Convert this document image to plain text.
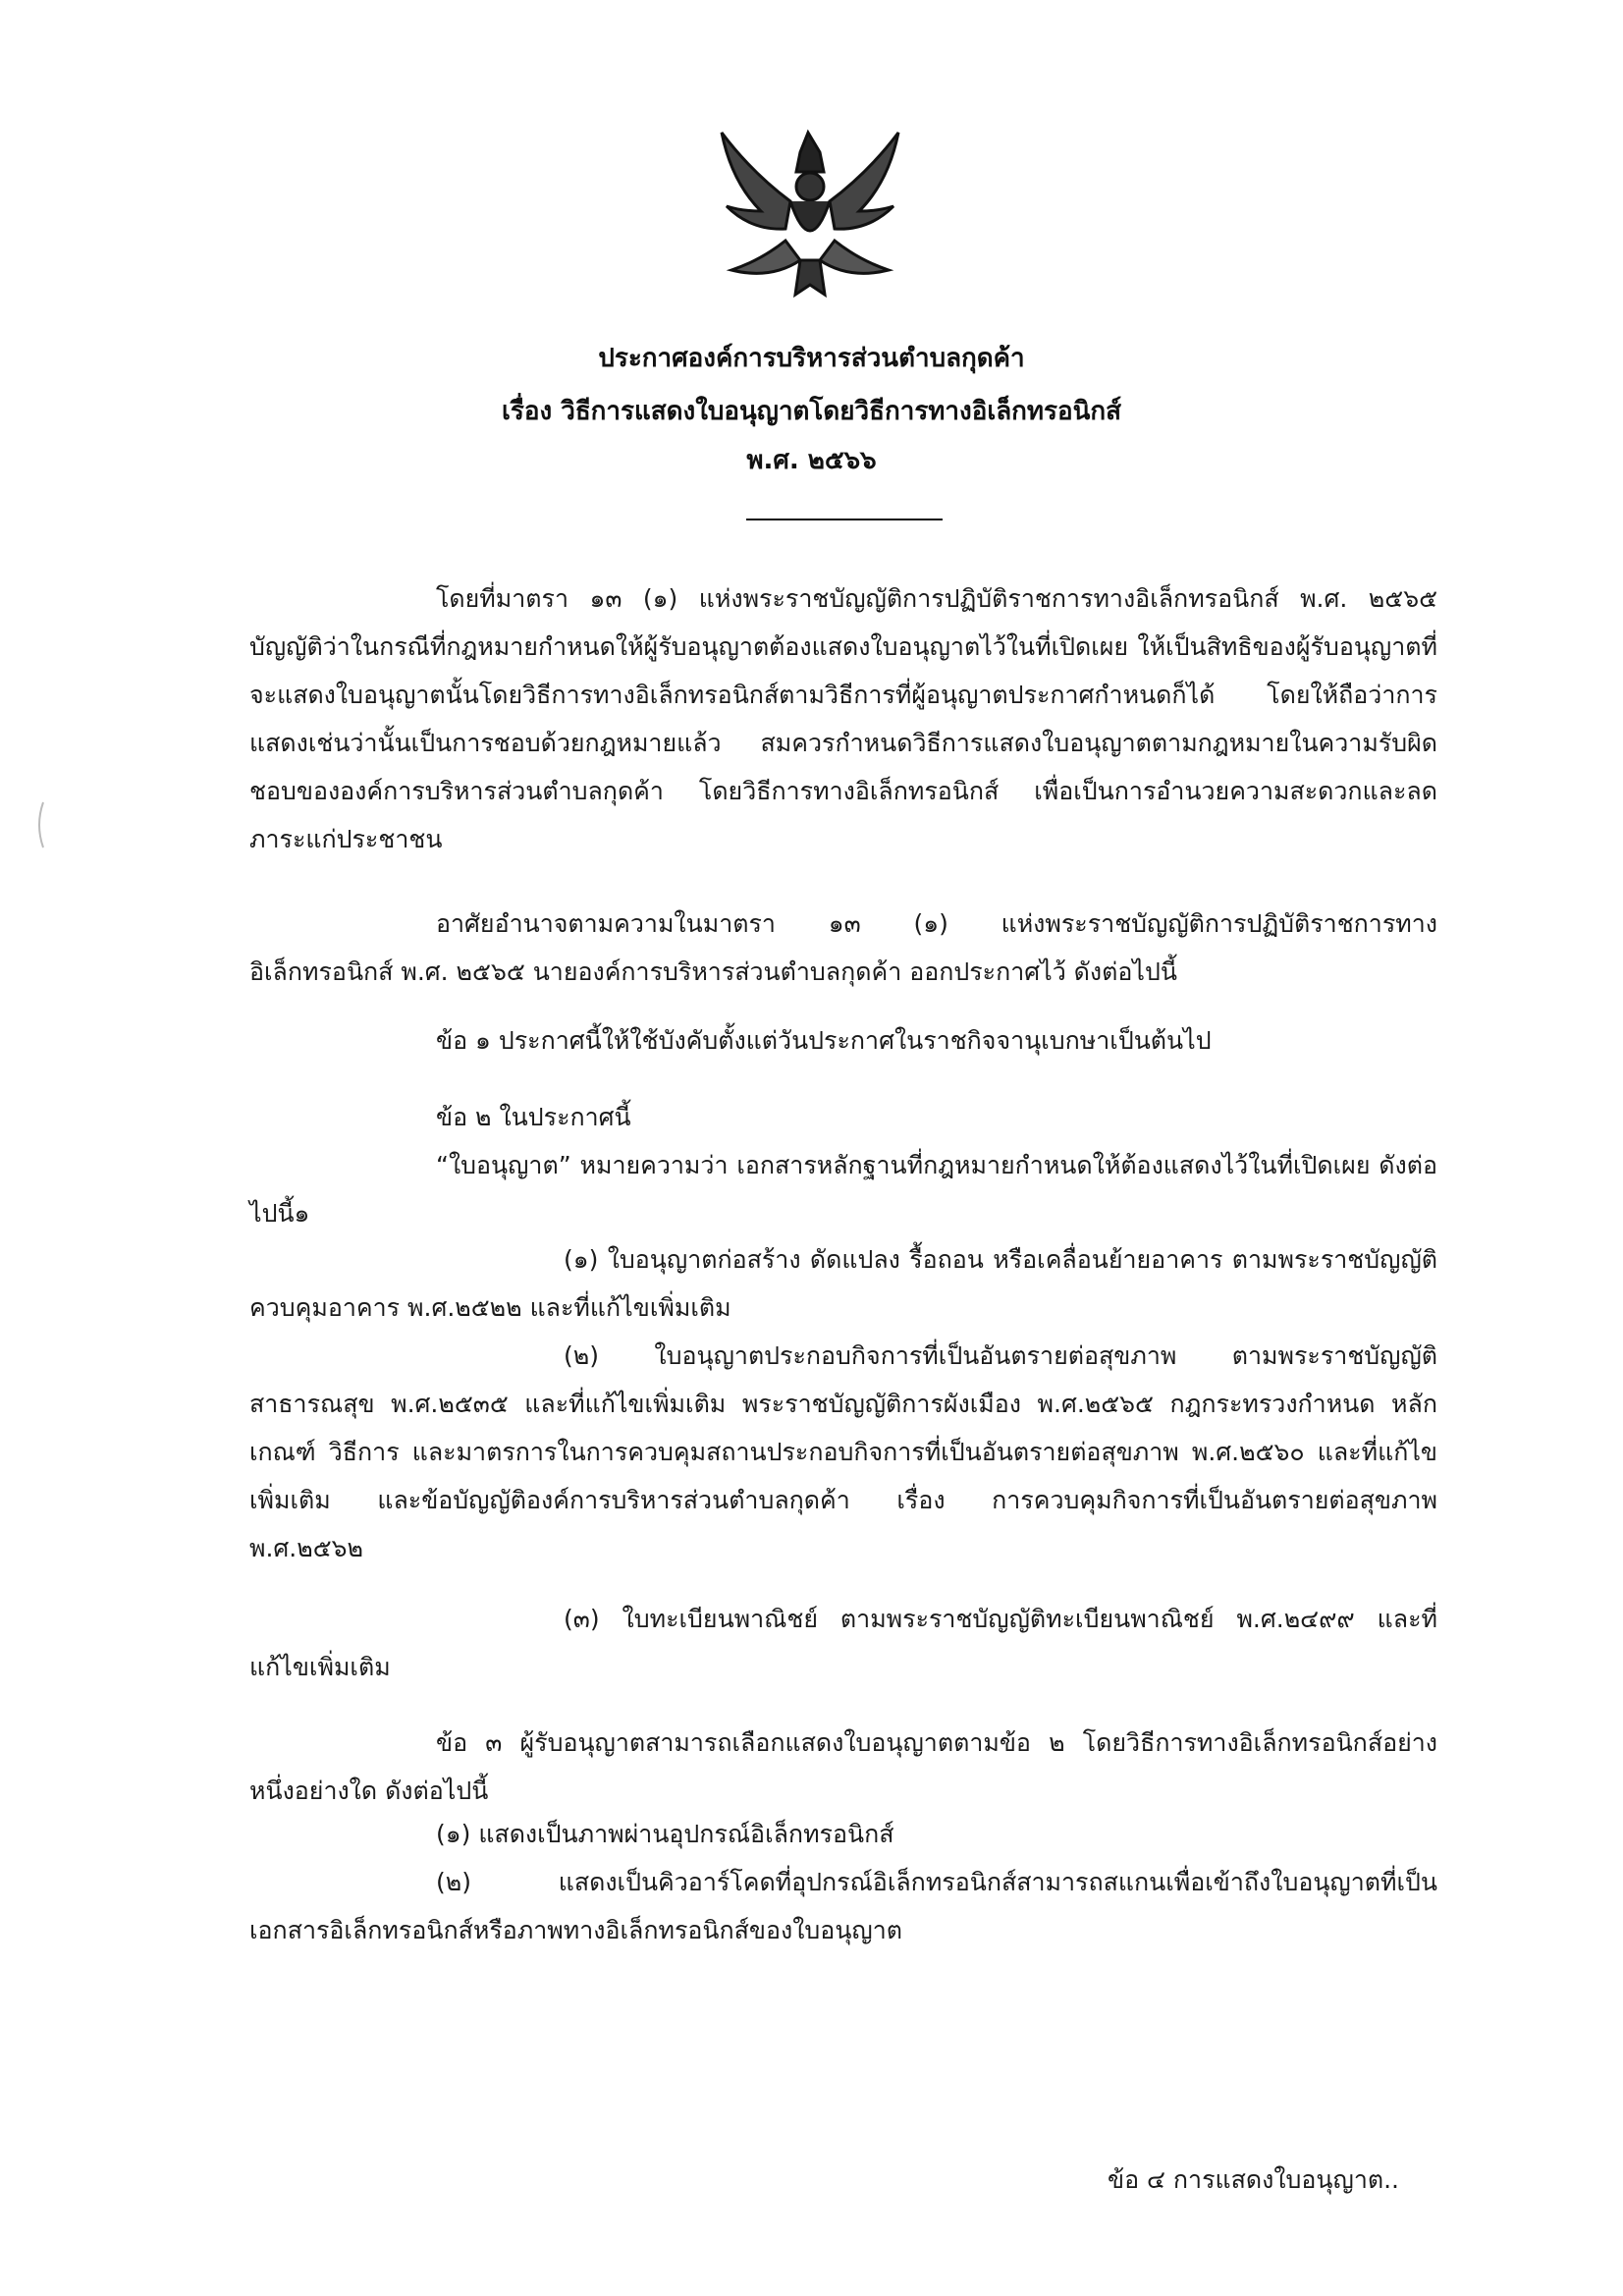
ประกาศองค์การบริหารส่วนตำบลกุดค้า
เรื่อง วิธีการแสดงใบอนุญาตโดยวิธีการทางอิเล็กทรอนิกส์
พ.ศ. ๒๕๖๖

โดยที่มาตรา ๑๓ (๑) แห่งพระราชบัญญัติการปฏิบัติราชการทางอิเล็กทรอนิกส์ พ.ศ. ๒๕๖๕ บัญญัติว่าในกรณีที่กฎหมายกำหนดให้ผู้รับอนุญาตต้องแสดงใบอนุญาตไว้ในที่เปิดเผย ให้เป็นสิทธิของผู้รับอนุญาตที่จะแสดงใบอนุญาตนั้นโดยวิธีการทางอิเล็กทรอนิกส์ตามวิธีการที่ผู้อนุญาตประกาศกำหนดก็ได้ โดยให้ถือว่าการแสดงเช่นว่านั้นเป็นการชอบด้วยกฎหมายแล้ว สมควรกำหนดวิธีการแสดงใบอนุญาตตามกฎหมายในความรับผิดชอบขององค์การบริหารส่วนตำบลกุดค้า โดยวิธีการทางอิเล็กทรอนิกส์ เพื่อเป็นการอำนวยความสะดวกและลดภาระแก่ประชาชน

อาศัยอำนาจตามความในมาตรา ๑๓ (๑) แห่งพระราชบัญญัติการปฏิบัติราชการทางอิเล็กทรอนิกส์ พ.ศ. ๒๕๖๕ นายองค์การบริหารส่วนตำบลกุดค้า ออกประกาศไว้ ดังต่อไปนี้

ข้อ ๑ ประกาศนี้ให้ใช้บังคับตั้งแต่วันประกาศในราชกิจจานุเบกษาเป็นต้นไป

ข้อ ๒ ในประกาศนี้

“ใบอนุญาต” หมายความว่า เอกสารหลักฐานที่กฎหมายกำหนดให้ต้องแสดงไว้ในที่เปิดเผย ดังต่อไปนี้๑

(๑) ใบอนุญาตก่อสร้าง ดัดแปลง รื้อถอน หรือเคลื่อนย้ายอาคาร ตามพระราชบัญญัติควบคุมอาคาร พ.ศ.๒๕๒๒ และที่แก้ไขเพิ่มเติม

(๒) ใบอนุญาตประกอบกิจการที่เป็นอันตรายต่อสุขภาพ ตามพระราชบัญญัติสาธารณสุข พ.ศ.๒๕๓๕ และที่แก้ไขเพิ่มเติม พระราชบัญญัติการผังเมือง พ.ศ.๒๕๖๕ กฎกระทรวงกำหนด หลักเกณฑ์ วิธีการ และมาตรการในการควบคุมสถานประกอบกิจการที่เป็นอันตรายต่อสุขภาพ พ.ศ.๒๕๖๐ และที่แก้ไขเพิ่มเติม และข้อบัญญัติองค์การบริหารส่วนตำบลกุดค้า เรื่อง การควบคุมกิจการที่เป็นอันตรายต่อสุขภาพ พ.ศ.๒๕๖๒

(๓) ใบทะเบียนพาณิชย์ ตามพระราชบัญญัติทะเบียนพาณิชย์ พ.ศ.๒๔๙๙ และที่แก้ไขเพิ่มเติม

ข้อ ๓ ผู้รับอนุญาตสามารถเลือกแสดงใบอนุญาตตามข้อ ๒ โดยวิธีการทางอิเล็กทรอนิกส์อย่างหนึ่งอย่างใด ดังต่อไปนี้

(๑) แสดงเป็นภาพผ่านอุปกรณ์อิเล็กทรอนิกส์

(๒) แสดงเป็นคิวอาร์โคดที่อุปกรณ์อิเล็กทรอนิกส์สามารถสแกนเพื่อเข้าถึงใบอนุญาตที่เป็นเอกสารอิเล็กทรอนิกส์หรือภาพทางอิเล็กทรอนิกส์ของใบอนุญาต

ข้อ ๔ การแสดงใบอนุญาต..
